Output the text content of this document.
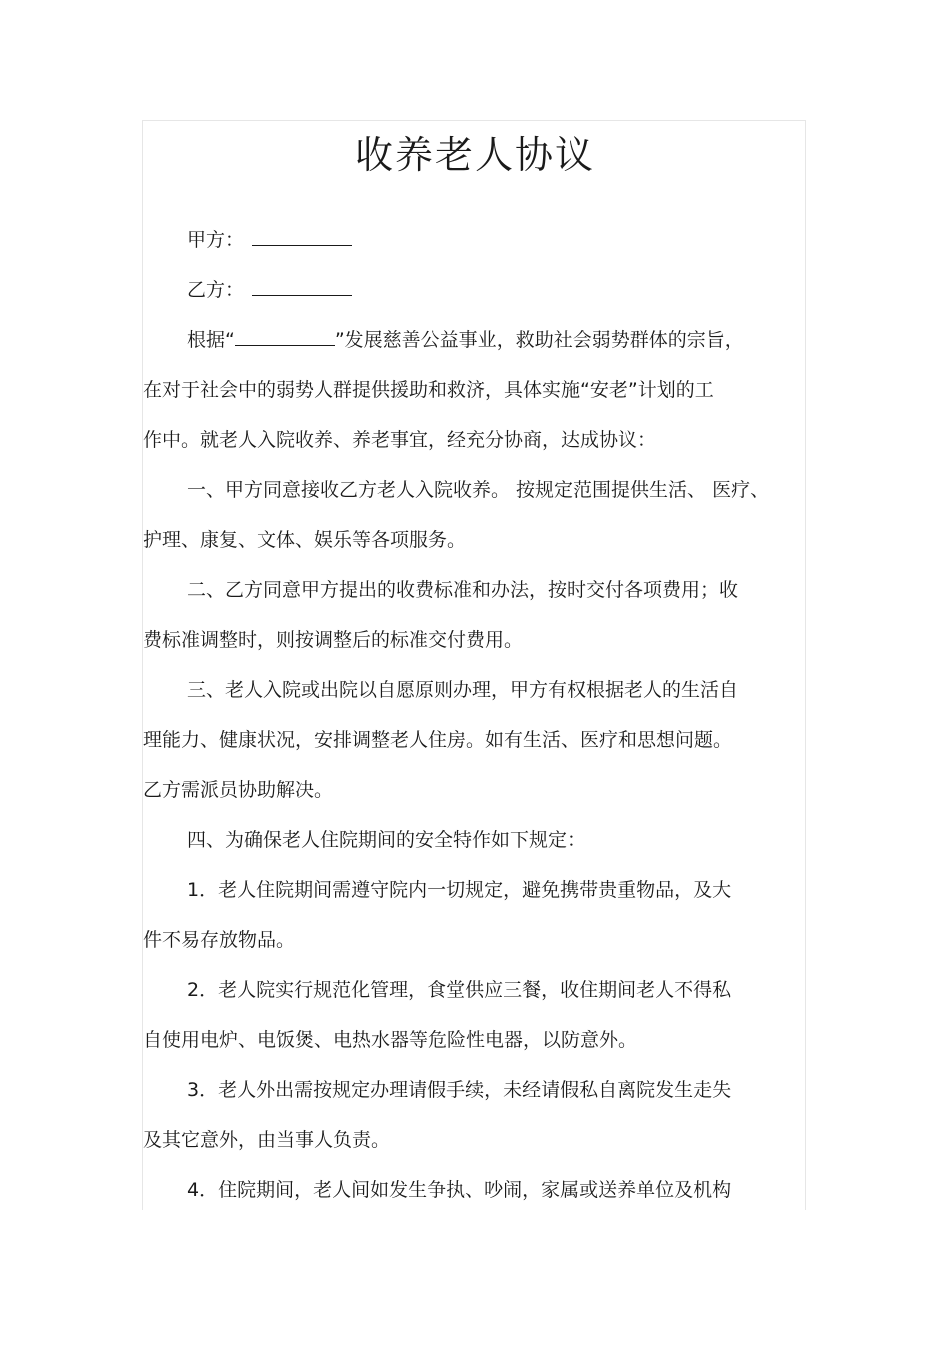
收养老人协议
甲方：
乙方：
根据“	”发展慈善公益事业，救助社会弱势群体的宗旨，
在对于社会中的弱势人群提供援助和救济，具体实施“安老”计划的工
作中。就老人入院收养、养老事宜，经充分协商，达成协议：
一、甲方同意接收乙方老人入院收养。 按规定范围提供生活、 医疗、
护理、康复、文体、娱乐等各项服务。
二、乙方同意甲方提出的收费标准和办法，按时交付各项费用；收
费标准调整时，则按调整后的标准交付费用。
三、老人入院或出院以自愿原则办理，甲方有权根据老人的生活自
理能力、健康状况，安排调整老人住房。如有生活、医疗和思想问题。
乙方需派员协助解决。
四、为确保老人住院期间的安全特作如下规定：
1．老人住院期间需遵守院内一切规定，避免携带贵重物品，及大
件不易存放物品。
2．老人院实行规范化管理，食堂供应三餐，收住期间老人不得私
自使用电炉、电饭煲、电热水器等危险性电器，以防意外。
3．老人外出需按规定办理请假手续，未经请假私自离院发生走失
及其它意外，由当事人负责。
4．住院期间，老人间如发生争执、吵闹，家属或送养单位及机构
